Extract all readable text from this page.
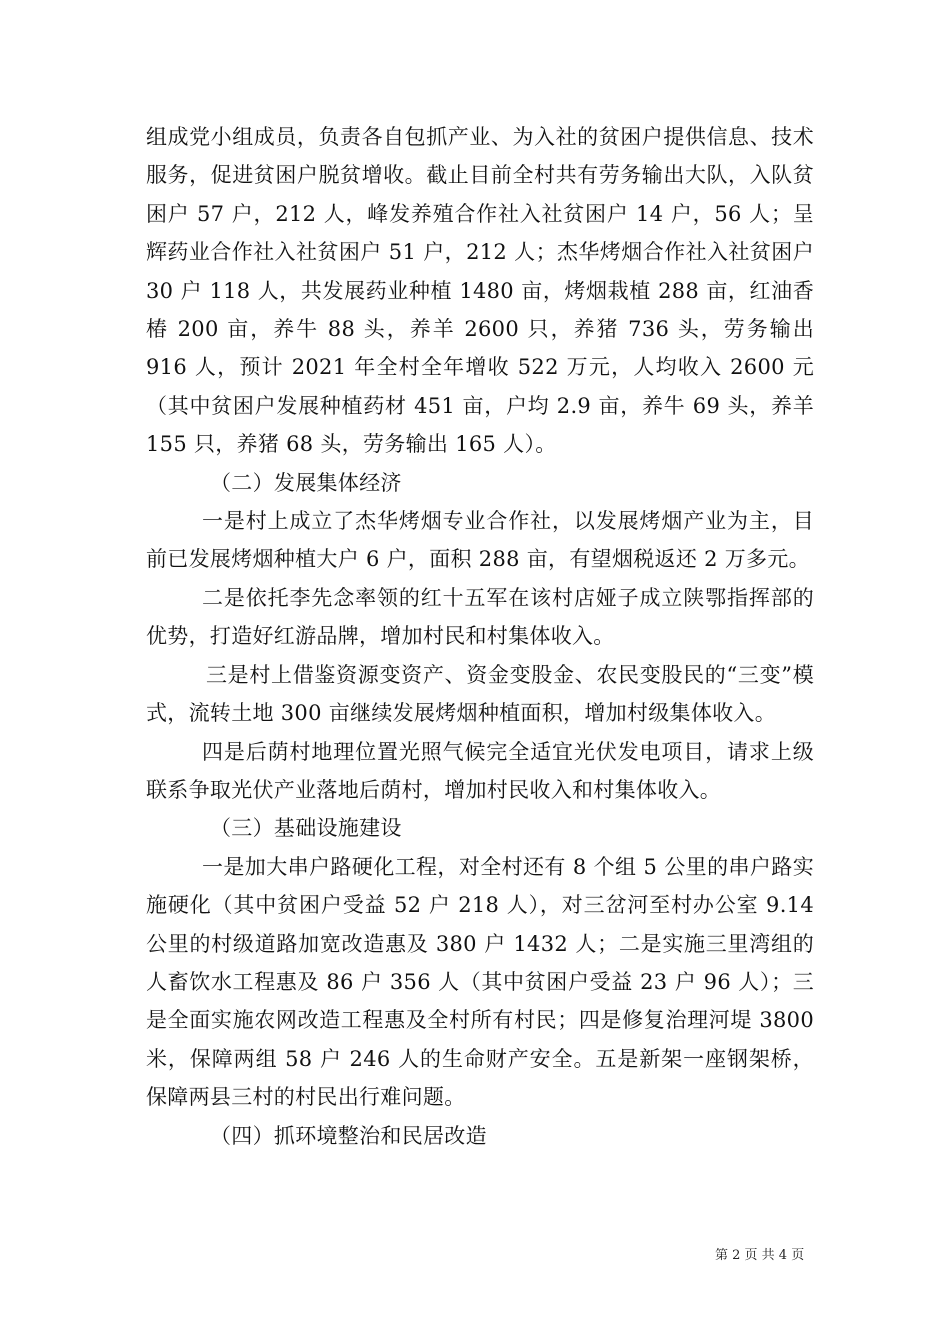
组成党小组成员，负责各自包抓产业、为入社的贫困户提供信息、技术服务，促进贫困户脱贫增收。截止目前全村共有劳务输出大队，入队贫困户 57 户，212 人，峰发养殖合作社入社贫困户 14 户，56 人；呈辉药业合作社入社贫困户 51 户，212 人；杰华烤烟合作社入社贫困户 30 户 118 人，共发展药业种植 1480 亩，烤烟栽植 288 亩，红油香椿 200 亩，养牛 88 头，养羊 2600 只，养猪 736 头，劳务输出 916 人，预计 2021 年全村全年增收 522 万元，人均收入 2600 元（其中贫困户发展种植药材 451 亩，户均 2.9 亩，养牛 69 头，养羊 155 只，养猪 68 头，劳务输出 165 人）。

（二）发展集体经济

一是村上成立了杰华烤烟专业合作社，以发展烤烟产业为主，目前已发展烤烟种植大户 6 户，面积 288 亩，有望烟税返还 2 万多元。

二是依托李先念率领的红十五军在该村店娅子成立陕鄂指挥部的优势，打造好红游品牌，增加村民和村集体收入。

三是村上借鉴资源变资产、资金变股金、农民变股民的“三变”模式，流转土地 300 亩继续发展烤烟种植面积，增加村级集体收入。

四是后荫村地理位置光照气候完全适宜光伏发电项目，请求上级联系争取光伏产业落地后荫村，增加村民收入和村集体收入。

（三）基础设施建设

一是加大串户路硬化工程，对全村还有 8 个组 5 公里的串户路实施硬化（其中贫困户受益 52 户 218 人），对三岔河至村办公室 9.14 公里的村级道路加宽改造惠及 380 户 1432 人；二是实施三里湾组的人畜饮水工程惠及 86 户 356 人（其中贫困户受益 23 户 96 人）；三是全面实施农网改造工程惠及全村所有村民；四是修复治理河堤 3800 米，保障两组 58 户 246 人的生命财产安全。五是新架一座钢架桥，保障两县三村的村民出行难问题。

（四）抓环境整治和民居改造

第 2 页 共 4 页
